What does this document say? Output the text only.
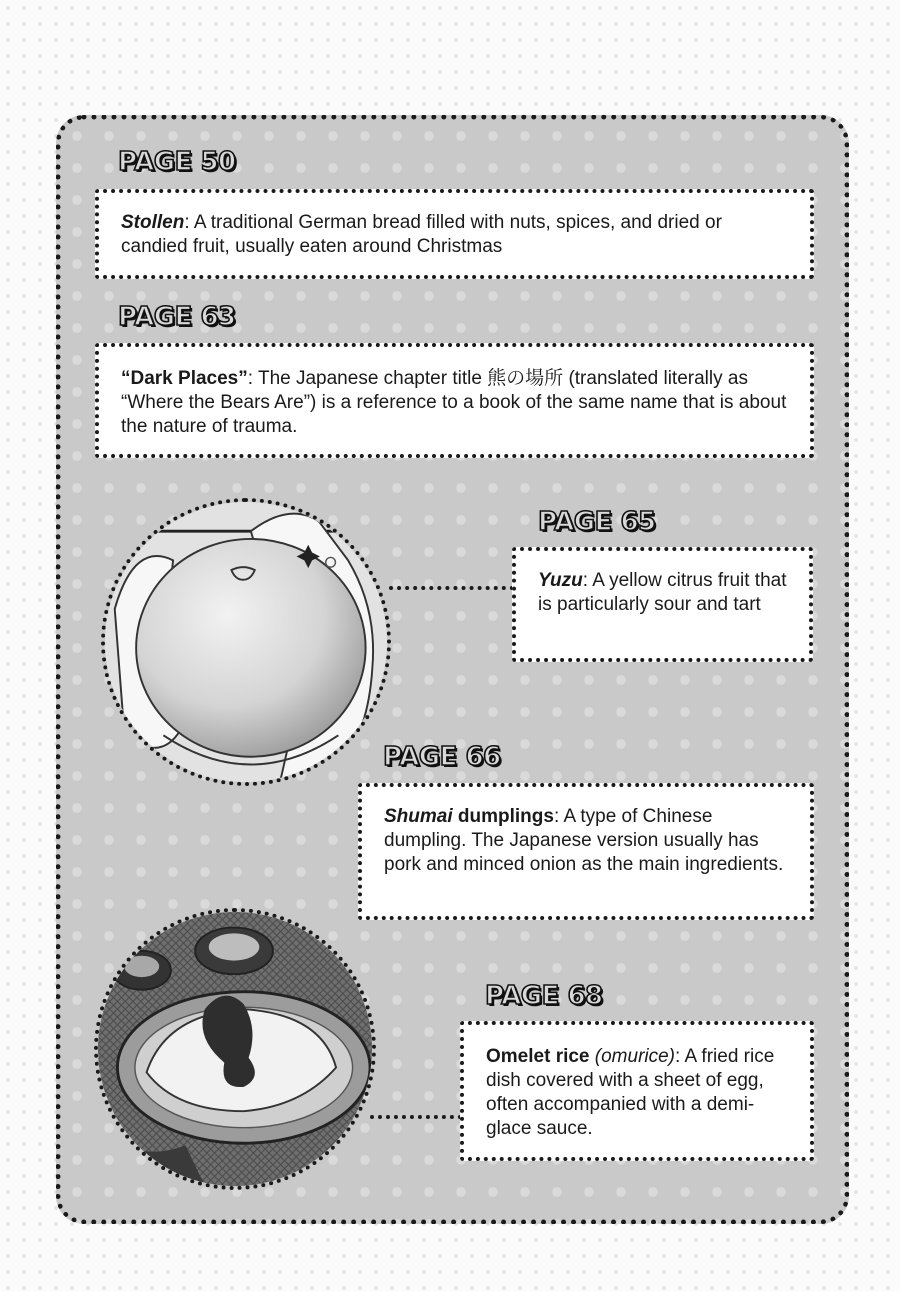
PAGE 50
Stollen: A traditional German bread filled with nuts, spices, and dried or candied fruit, usually eaten around Christmas
PAGE 63
“Dark Places”: The Japanese chapter title 熊の場所 (translated literally as “Where the Bears Are”) is a reference to a book of the same name that is about the nature of trauma.
PAGE 65
Yuzu: A yellow citrus fruit that is particularly sour and tart
PAGE 66
Shumai dumplings: A type of Chinese dumpling. The Japanese version usually has pork and minced onion as the main ingredients.
PAGE 68
Omelet rice (omurice): A fried rice dish covered with a sheet of egg, often accompanied with a demi-glace sauce.
